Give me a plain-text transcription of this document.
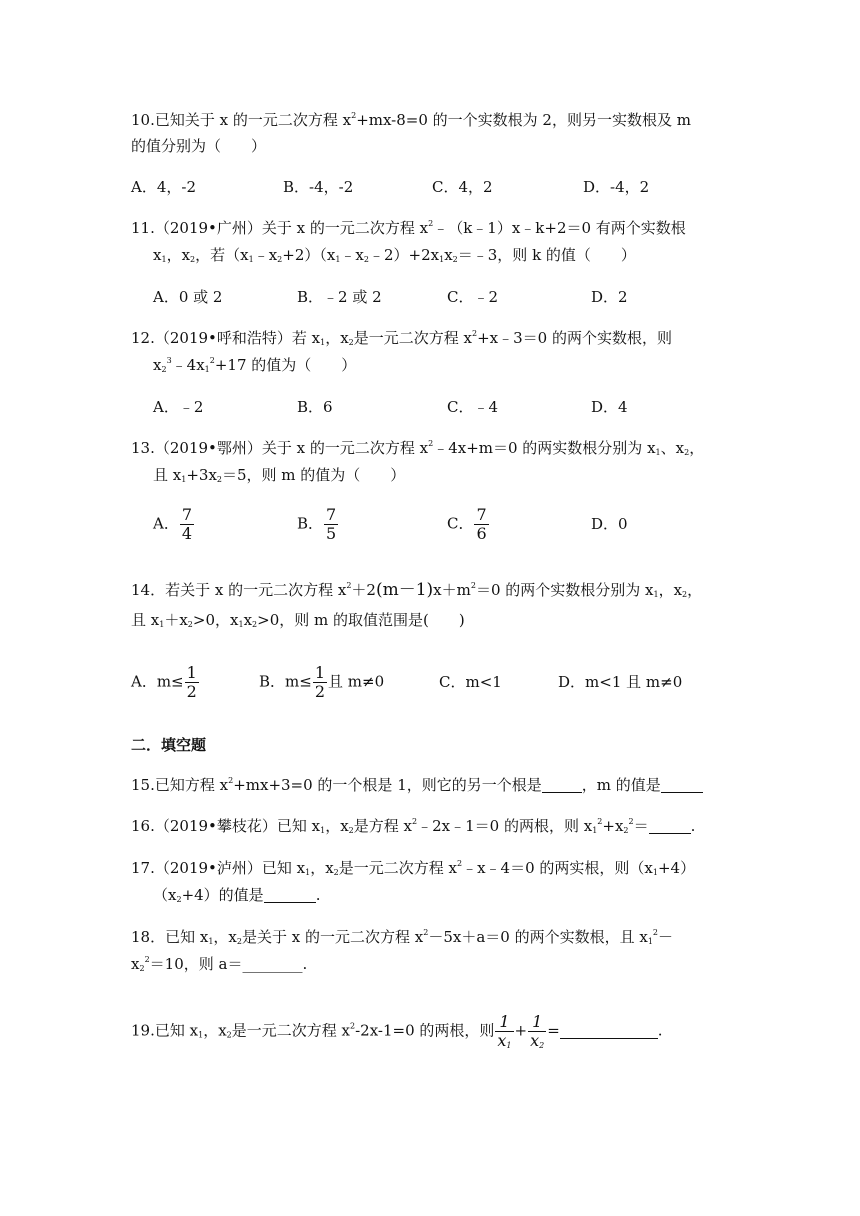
10.已知关于 x 的一元二次方程 $x^2+mx-8=0$ 的一个实数根为 2，则另一实数根及 m
的值分别为（　　）
A．4，-2	B．-4，-2	C．4，2	D．-4，2
11.（2019•广州）关于 x 的一元二次方程 $x^2﹣(k﹣1)x﹣k+2=0$ 有两个实数根
$x_1$，$x_2$，若$(x_1﹣x_2+2)(x_1﹣x_2﹣2)+2x_1x_2=﹣3$，则 k 的值（　　）
A．0 或 2	B．﹣2 或 2	C．﹣2	D．2
12.（2019•呼和浩特）若 $x_1$，$x_2$是一元二次方程 $x^2+x﹣3=0$ 的两个实数根，则
$x_2^3﹣4x_1^2+17$ 的值为（　　）
A．﹣2	B．6	C．﹣4	D．4
13.（2019•鄂州）关于 x 的一元二次方程 $x^2﹣4x+m=0$ 的两实数根分别为 $x_1$、$x_2$，
且 $x_1+3x_2=5$，则 m 的值为（　　）
A． $\frac{7}{4}$	B． $\frac{7}{5}$	C． $\frac{7}{6}$	D．0
14．若关于 x 的一元二次方程 $x^2+2(m-1)x+m^2=0$ 的两个实数根分别为 $x_1$，$x_2$，
且 $x_1+x_2>0$，$x_1x_2>0$，则 m 的取值范围是(　　)
A．$m\le \frac{1}{2}$	B．$m\le \frac{1}{2}$ 且 m≠0	C．m<1	D．m<1 且 m≠0
二．填空题
15.已知方程 $x^2+mx+3=0$ 的一个根是 1，则它的另一个根是	，m 的值是
16.（2019•攀枝花）已知 $x_1$，$x_2$是方程 $x^2﹣2x﹣1=0$ 的两根，则 $x_1^2+x_2^2=$	.
17.（2019•泸州）已知 $x_1$，$x_2$是一元二次方程 $x^2﹣x﹣4=0$ 的两实根，则$(x_1+4)$
$(x_2+4)$的值是	.
18．已知 $x_1$，$x_2$是关于 x 的一元二次方程 $x^2-5x+a=0$ 的两个实数根，且 $x_1^2-$
$x_2^2=10$，则 a＝________.
19.已知 $x_1$，$x_2$是一元二次方程 $x^2-2x-1=0$ 的两根，则 $\frac{1}{x_1} + \frac{1}{x_2}$ =	.
